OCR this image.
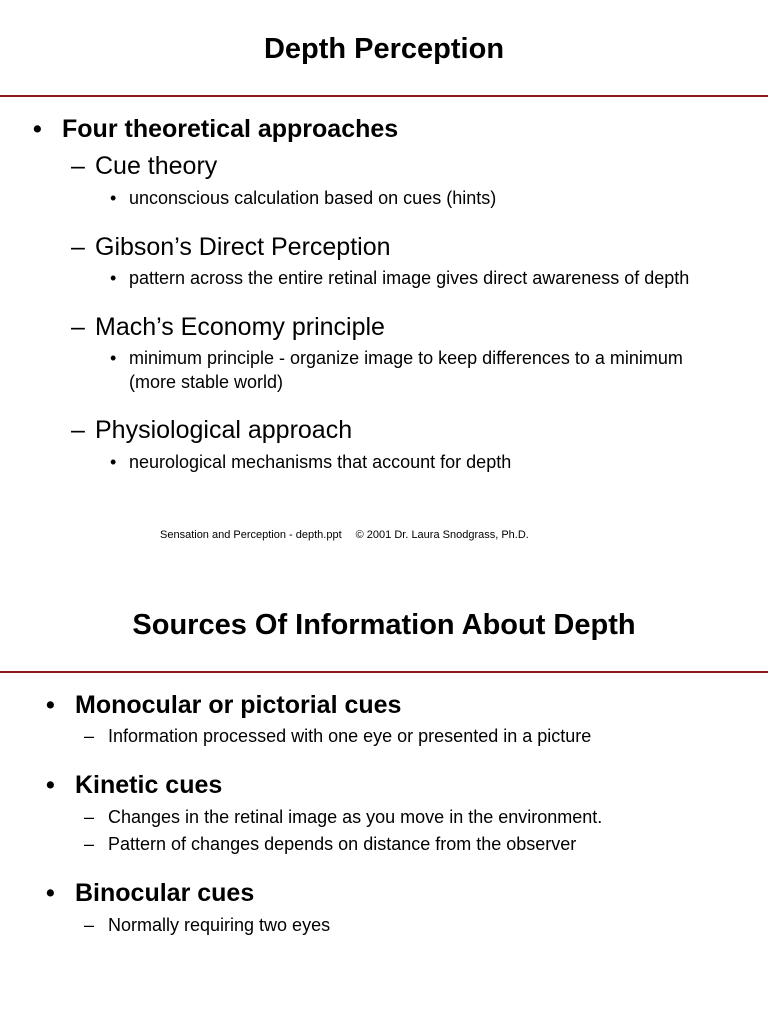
Depth Perception
• Four theoretical approaches
– Cue theory
• unconscious calculation based on cues (hints)
– Gibson’s Direct Perception
• pattern across the entire retinal image gives direct awareness of depth
– Mach’s Economy principle
• minimum principle - organize image to keep differences to a minimum
(more stable world)
– Physiological approach
• neurological mechanisms that account for depth
Sensation and Perception - depth.ppt © 2001 Dr. Laura Snodgrass, Ph.D.
Sources Of Information About Depth
• Monocular or pictorial cues
– Information processed with one eye or presented in a picture
• Kinetic cues
– Changes in the retinal image as you move in the environment.
– Pattern of changes depends on distance from the observer
• Binocular cues
– Normally requiring two eyes
